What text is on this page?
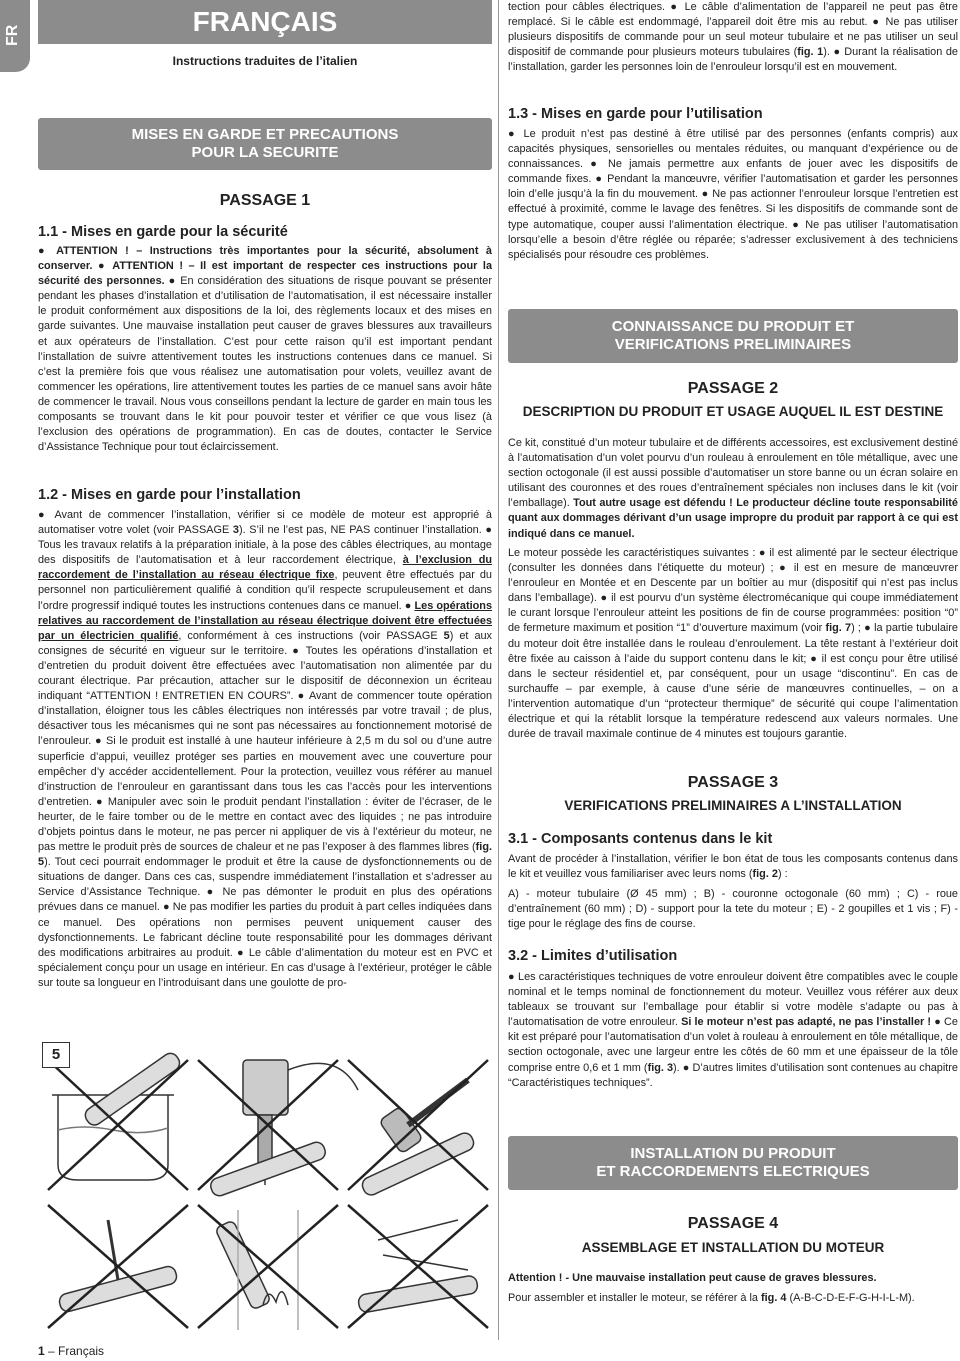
FR	FRANÇAIS
Instructions traduites de l’italien
MISES EN GARDE ET PRECAUTIONS
POUR LA SECURITE
PASSAGE 1
1.1 - Mises en garde pour la sécurité
● ATTENTION ! – Instructions très importantes pour la sécurité, absolument à conserver. ● ATTENTION ! – Il est important de respecter ces instructions pour la sécurité des personnes. ● En considération des situations de risque pouvant se présenter pendant les phases d’installation et d’utilisation de l’automatisation, il est nécessaire installer le produit conformément aux dispositions de la loi, des règlements locaux et des mises en garde suivantes. Une mauvaise installation peut causer de graves blessures aux travailleurs et aux opérateurs de l’installation. C’est pour cette raison qu’il est important pendant l’installation de suivre attentivement toutes les instructions contenues dans ce manuel. Si c’est la première fois que vous réalisez une automatisation pour volets, veuillez avant de commencer les opérations, lire attentivement toutes les parties de ce manuel sans avoir hâte de commencer le travail. Nous vous conseillons pendant la lecture de garder en main tous les composants se trouvant dans le kit pour pouvoir tester et vérifier ce que vous lisez (à l’exclusion des opérations de programmation). En cas de doutes, contacter le Service d’Assistance Technique pour tout éclaircissement.
1.2 - Mises en garde pour l’installation
● Avant de commencer l’installation, vérifier si ce modèle de moteur est approprié à automatiser votre volet (voir PASSAGE 3). S’il ne l’est pas, NE PAS continuer l’installation. ● Tous les travaux relatifs à la préparation initiale, à la pose des câbles électriques, au montage des dispositifs de l’automatisation et à leur raccordement électrique, à l’exclusion du raccordement de l’installation au réseau électrique fixe, peuvent être effectués par du personnel non particulièrement qualifié à condition qu’il respecte scrupuleusement et dans l’ordre progressif indiqué toutes les instructions contenues dans ce manuel. ● Les opérations relatives au raccordement de l’installation au réseau électrique doivent être effectuées par un électricien qualifié, conformément à ces instructions (voir PASSAGE 5) et aux consignes de sécurité en vigueur sur le territoire. ● Toutes les opérations d’installation et d’entretien du produit doivent être effectuées avec l’automatisation non alimentée par du courant électrique. Par précaution, attacher sur le dispositif de déconnexion un écriteau indiquant “ATTENTION ! ENTRETIEN EN COURS”. ● Avant de commencer toute opération d’installation, éloigner tous les câbles électriques non intéressés par votre travail ; de plus, désactiver tous les mécanismes qui ne sont pas nécessaires au fonctionnement motorisé de l’enrouleur. ● Si le produit est installé à une hauteur inférieure à 2,5 m du sol ou d’une autre superficie d’appui, veuillez protéger ses parties en mouvement avec une couverture pour empêcher d’y accéder accidentellement. Pour la protection, veuillez vous référer au manuel d’instruction de l’enrouleur en garantissant dans tous les cas l’accès pour les interventions d’entretien. ● Manipuler avec soin le produit pendant l’installation : éviter de l’écraser, de le heurter, de le faire tomber ou de le mettre en contact avec des liquides ; ne pas introduire d’objets pointus dans le moteur, ne pas percer ni appliquer de vis à l’extérieur du moteur, ne pas mettre le produit près de sources de chaleur et ne pas l’exposer à des flammes libres (fig. 5). Tout ceci pourrait endommager le produit et être la cause de dysfonctionnements ou de situations de danger. Dans ces cas, suspendre immédiatement l’installation et s’adresser au Service d’Assistance Technique. ● Ne pas démonter le produit en plus des opérations prévues dans ce manuel. ● Ne pas modifier les parties du produit à part celles indiquées dans ce manuel. Des opérations non permises peuvent uniquement causer des dysfonctionnements. Le fabricant décline toute responsabilité pour les dommages dérivant des modifications arbitraires au produit. ● Le câble d’alimentation du moteur est en PVC et spécialement conçu pour un usage en intérieur. En cas d’usage à l’extérieur, protéger le câble sur toute sa longueur en l’introduisant dans une goulotte de pro-
5
1 – Français
tection pour câbles électriques. ● Le câble d’alimentation de l’appareil ne peut pas être remplacé. Si le câble est endommagé, l’appareil doit être mis au rebut. ● Ne pas utiliser plusieurs dispositifs de commande pour un seul moteur tubulaire et ne pas utiliser un seul dispositif de commande pour plusieurs moteurs tubulaires (fig. 1). ● Durant la réalisation de l’installation, garder les personnes loin de l’enrouleur lorsqu’il est en mouvement.
1.3 - Mises en garde pour l’utilisation
● Le produit n’est pas destiné à être utilisé par des personnes (enfants compris) aux capacités physiques, sensorielles ou mentales réduites, ou manquant d’expérience ou de connaissances. ● Ne jamais permettre aux enfants de jouer avec les dispositifs de commande fixes. ● Pendant la manœuvre, vérifier l’automatisation et garder les personnes loin d’elle jusqu’à la fin du mouvement. ● Ne pas actionner l’enrouleur lorsque l’entretien est effectué à proximité, comme le lavage des fenêtres. Si les dispositifs de commande sont de type automatique, couper aussi l’alimentation électrique. ● Ne pas utiliser l’automatisation lorsqu’elle a besoin d’être réglée ou réparée; s’adresser exclusivement à des techniciens spécialisés pour résoudre ces problèmes.
CONNAISSANCE DU PRODUIT ET
VERIFICATIONS PRELIMINAIRES
PASSAGE 2
DESCRIPTION DU PRODUIT ET USAGE AUQUEL IL EST DESTINE
Ce kit, constitué d’un moteur tubulaire et de différents accessoires, est exclusivement destiné à l’automatisation d’un volet pourvu d’un rouleau à enroulement en tôle métallique, avec une section octogonale (il est aussi possible d’automatiser un store banne ou un écran solaire en utilisant des couronnes et des roues d’entraînement spéciales non incluses dans le kit (voir l’emballage). Tout autre usage est défendu ! Le producteur décline toute responsabilité quant aux dommages dérivant d’un usage impropre du produit par rapport à ce qui est indiqué dans ce manuel.
Le moteur possède les caractéristiques suivantes : ● il est alimenté par le secteur électrique (consulter les données dans l’étiquette du moteur) ; ● il est en mesure de manœuvrer l’enrouleur en Montée et en Descente par un boîtier au mur (dispositif qui n’est pas inclus dans l’emballage). ● il est pourvu d’un système électromécanique qui coupe immédiatement le curant lorsque l’enrouleur atteint les positions de fin de course programmées: position “0” de fermeture maximum et position “1” d’ouverture maximum (voir fig. 7) ; ● la partie tubulaire du moteur doit être installée dans le rouleau d’enroulement. La tête restant à l’extérieur doit être fixée au caisson à l’aide du support contenu dans le kit; ● il est conçu pour être utilisé dans le secteur résidentiel et, par conséquent, pour un usage “discontinu”. En cas de surchauffe – par exemple, à cause d’une série de manœuvres continuelles, – on a l’intervention automatique d’un “protecteur thermique” de sécurité qui coupe l’alimentation électrique et qui la rétablit lorsque la température redescend aux valeurs normales. Une durée de travail maximale continue de 4 minutes est toujours garantie.
PASSAGE 3
VERIFICATIONS PRELIMINAIRES A L’INSTALLATION
3.1 - Composants contenus dans le kit
Avant de procéder à l’installation, vérifier le bon état de tous les composants contenus dans le kit et veuillez vous familiariser avec leurs noms (fig. 2) :
A) - moteur tubulaire (Ø 45 mm) ; B) - couronne octogonale (60 mm) ; C) - roue d’entraînement (60 mm) ; D) - support pour la tete du moteur ; E) - 2 goupilles et 1 vis ; F) - tige pour le réglage des fins de course.
3.2 - Limites d’utilisation
● Les caractéristiques techniques de votre enrouleur doivent être compatibles avec le couple nominal et le temps nominal de fonctionnement du moteur. Veuillez vous référer aux deux tableaux se trouvant sur l’emballage pour établir si votre modèle s’adapte ou pas à l’automatisation de votre enrouleur. Si le moteur n’est pas adapté, ne pas l’installer ! ● Ce kit est préparé pour l’automatisation d’un volet à rouleau à enroulement en tôle métallique, de section octogonale, avec une largeur entre les côtés de 60 mm et une épaisseur de la tôle comprise entre 0,6 et 1 mm (fig. 3). ● D’autres limites d’utilisation sont contenues au chapitre “Caractéristiques techniques”.
INSTALLATION DU PRODUIT
ET RACCORDEMENTS ELECTRIQUES
PASSAGE 4
ASSEMBLAGE ET INSTALLATION DU MOTEUR
Attention ! - Une mauvaise installation peut cause de graves blessures.
Pour assembler et installer le moteur, se référer à la fig. 4 (A-B-C-D-E-F-G-H-I-L-M).
